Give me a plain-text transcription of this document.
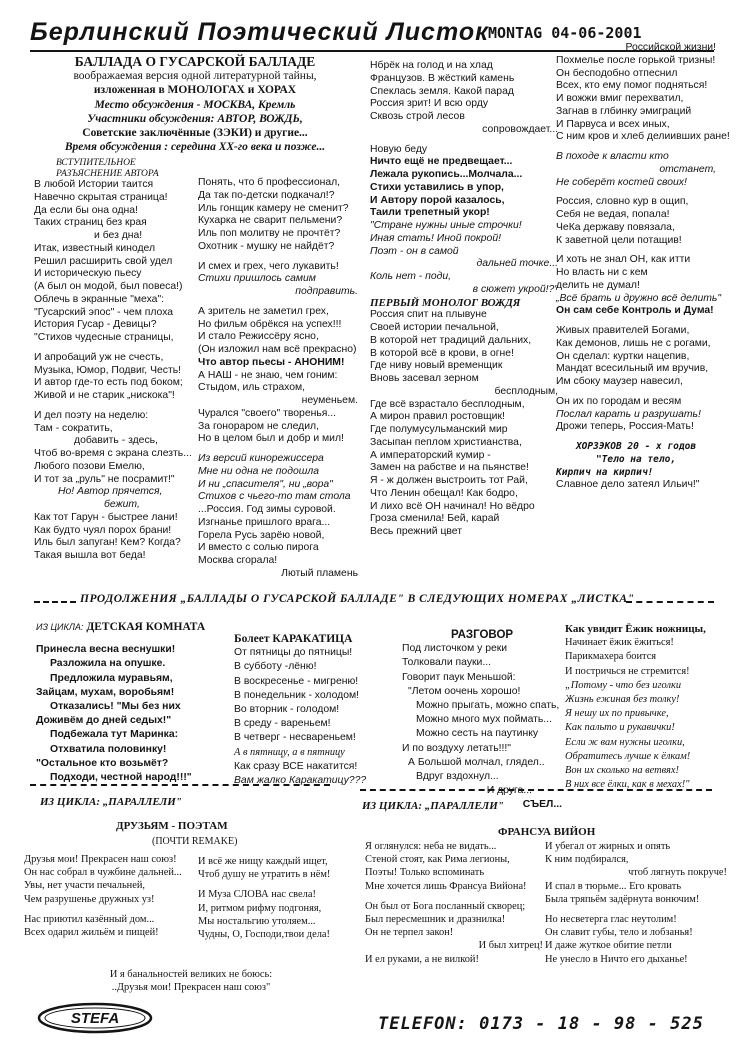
Берлинский Поэтический Листок MONTAG 04-06-2001
БАЛЛАДА О ГУСАРСКОЙ БАЛЛАДЕ
воображаемая версия одной литературной тайны,
изложенная в МОНОЛОГАХ и ХОРАХ
Место обсуждения - МОСКВА, Кремль
Участники обсуждения: АВТОР, ВОЖДЬ,
Советские заключённые (ЗЭКИ) и другие...
Время обсуждения : середина XX-го века и позже...
ВСТУПИТЕЛЬНОЕ
РАЗЪЯСНЕНИЕ АВТОРА
В любой Истории таится
Навечно скрытая страница!
Да если бы она одна!
Таких страниц без края
и без дна!
Итак, известный кинодел
Решил расширить свой удел
И историческую пьесу
(А был он модой, был повеса!)
Облечь в экранные "меха":
"Гусарский эпос" - чем плоха
История Гусар - Девицы?
"Стихов чудесные страницы,

И апробаций уж не счесть,
Музыка, Юмор, Подвиг, Честь!
И автор где-то есть под боком;
Живой и не старик „нискока"!

И дел поэту на неделю:
Там - сократить,
добавить - здесь,
Чтоб во-время с экрана слезть...
Любого позови Емелю,
И тот за „руль" не посрамит!"
Но! Автор прячется,
бежит,
Как тот Гарун - быстрее лани!
Как будто чуял порох брани!
Иль был запуган! Кем? Когда?
Такая вышла вот беда!
Понять, что б профессионал,
Да так по-детски подкачал!?
Иль гонщик камеру не сменит?
Кухарка не сварит пельмени?
Иль поп молитву не прочтёт?
Охотник - мушку не найдёт?

И смех и грех, чего лукавить!
Стихи пришлось самим
подправить.

А зритель не заметил грех,
Но фильм обрёкся на успех!!!
И стало Режиссёру ясно,
(Он изложил нам всё прекрасно)
Что автор пьесы - АНОНИМ!
А НАШ - не знаю, чем гоним:
Стыдом, иль страхом,
неуменьем.
Чуралcя "своего" творенья...
За гонораром не следил,
Но в целом был и добр и мил!

Из версий кинорежиссера
Мне ни одна не подошла
И ни „спасителя", ни „вора"
Стихов с чьего-то там стола
...Россия. Год зимы суровой.
Изгнанье пришлого врага...
Горела Русь зарёю новой,
И вместо с солью пирога
Москва сгорала!
Лютый пламень
Нбрёк на голод и на хлад
Французов. В жёсткий камень
Спеклась земля. Какой парад
Россия зрит! И всю орду
Сквозь строй лесов
сопровождает...

Новую беду
Ничто ещё не предвещает...
Лежала рукопись...Молчала...
Стихи уставились в упор,
И Автору порой казалось,
Таили трепетный укор!
"Стране нужны иные строчки!
Иная стать! Иной покрой!
Поэт - он в самой
дальней точке...
Коль нет - поди,
в сюжет укрой!?"
ПЕРВЫЙ МОНОЛОГ ВОЖДЯ
Россия спит на плывуне
Своей истории печальной,
В которой нет традиций дальних,
В которой всё в крови, в огне!
Где ниву новый временщик
Вновь засевал зерном
бесплодным,
Где всё взрастало бесплодным,
А мирон правил ростовщик!
Где полумусульманский мир
Засыпан пеплом христианства,
А императорский кумир -
Замен на рабстве и на пьянстве!
Я - ж должен выстроить тот Рай,
Что Ленин обещал! Как бодро,
И лихо всё ОН начинал! Но вёдро
Гроза сменила! Бей, карай
Весь прежний цвет
Российской жизни!
Похмелье после горькой тризны!
Он бесподобно отпеснил
Всех, кто ему помог подняться!
И вожжи вмиг перехватил,
Загнав в глбинку эмиграций
И Парвуса и всех иных,
С ним кров и хлеб делиивших ране!

В походе к власти кто
отстанет,
Не соберёт костей своих!

Россия, словно кур в ощип,
Себя не ведая, попала!
ЧеКа державу повязала,
К заветной цели потащив!

И хоть не знал ОН, как итти
Но власть ни с кем
делить не думал!
„Всё брать и дружно всё делить"
Он сам себе Контроль и Дума!

Живых правителей Богами,
Как демонов, лишь не с рогами,
Он сделал: куртки нацепив,
Мандат всесильный им вручив,
Им сбоку маузер навесил,

Он их по городам и весям
Послал карать и разрушать!
Дрожи теперь, Россия-Мать!

ХОРЗЭКОВ 20 - х годов
"Тело на тело,
Кирпич на кирпич!
Славное дело затеял Ильич!"
ПРОДОЛЖЕНИЯ „БАЛЛАДЫ О ГУСАРСКОЙ БАЛЛАДЕ" В СЛЕДУЮЩИХ НОМЕРАХ „ЛИСТКА"
ИЗ ЦИКЛА: ДЕТСКАЯ КОМНАТА
Принесла весна веснушки!
Разложила на опушке.
Предложила муравьям,
Зайцам, мухам, воробьям!
Отказались! "Мы без них
Доживём до дней седых!"
Подбежала тут Маринка:
Отхватила половинку!
"Остальное кто возьмёт?
Подходи, честной народ!!!"
Болеет КАРАКАТИЦА
От пятницы до пятницы!
В субботу -лёню!
В воскресенье - мигреню!
В понедельник - холодом!
Во вторник - голодом!
В среду - вареньем!
В четверг - несвареньем!
А в пятницу, а в пятницу
Как сразу ВСЕ накатится!
Вам жалко Каракатицу???
РАЗГОВОР
Под листочком у реки
Толковали пауки...
Говорит паук Меньшой:
"Летом оочень хорошо!
Можно прыгать, можно спать,
Можно много мух поймать...
Можно сесть на паутинку
И по воздуху летать!!!"
А Большой молчал, глядел..
Вдруг вздохнул...
И друга...
СЪЕЛ...
Как увидит Ёжик ножницы,
Начинает ёжик ёжиться!
Парикмахера боится
И постричься не стремится!
„Потому - что без иголки
Жизнь ежиная без толку!
Я нешу их по привычке,
Как пальто и рукавички!
Если ж вам нужны иголки,
Обратитесь лучше к ёлкам!
Вон их сколько на ветвях!
В них все ёлки, как в мехах!"
ИЗ ЦИКЛА: „ПАРАЛЛЕЛИ"	ИЗ ЦИКЛА: „ПАРАЛЛЕЛИ"
ДРУЗЬЯМ - ПОЭТАМ
(ПОЧТИ REMAKE)
ФРАНСУА ВИЙОН
Друзья мои! Прекрасен наш союз!
Он нас собрал в чужбине дальней...
Увы, нет участи печальней,
Чем разрушенье дружных уз!

Нас приютил казённый дом...
Всех одарил жильём и пищей!
И всё же нищу каждый ищет,
Чтоб душу не утратить в нём!

И Муза СЛОВА нас свела!
И, ритмом рифму подгоняя,
Мы ностальгию утоляем...
Чудны, О, Господи,твои дела!
И я банальностей великих не боюсь:
..Друзья мои! Прекрасен наш союз"
Я оглянулся: неба не видать...
Стеной стоят, как Рима легионы,
Поэты! Только вспоминать
Мне хочется лишь Франсуа Вийона!

Он был от Бога посланный скворец;
Был пересмешник и дразнилка!
Он не терпел закон!
И был хитрец!
И ел руками, а не вилкой!
И убегал от жирных и опять
К ним подбирался,
чтоб лягнуть покруче!
И спал в тюрьме... Его кровать
Была тряпьём задёрнута вонючим!

Но несветерга глас неутолим!
Он славит губы, тело и лобзанья!
И даже жуткое обитие петли
Не унесло в Ничто его дыханье!
STEFA	TELEFON: 0173 - 18 - 98 - 525
